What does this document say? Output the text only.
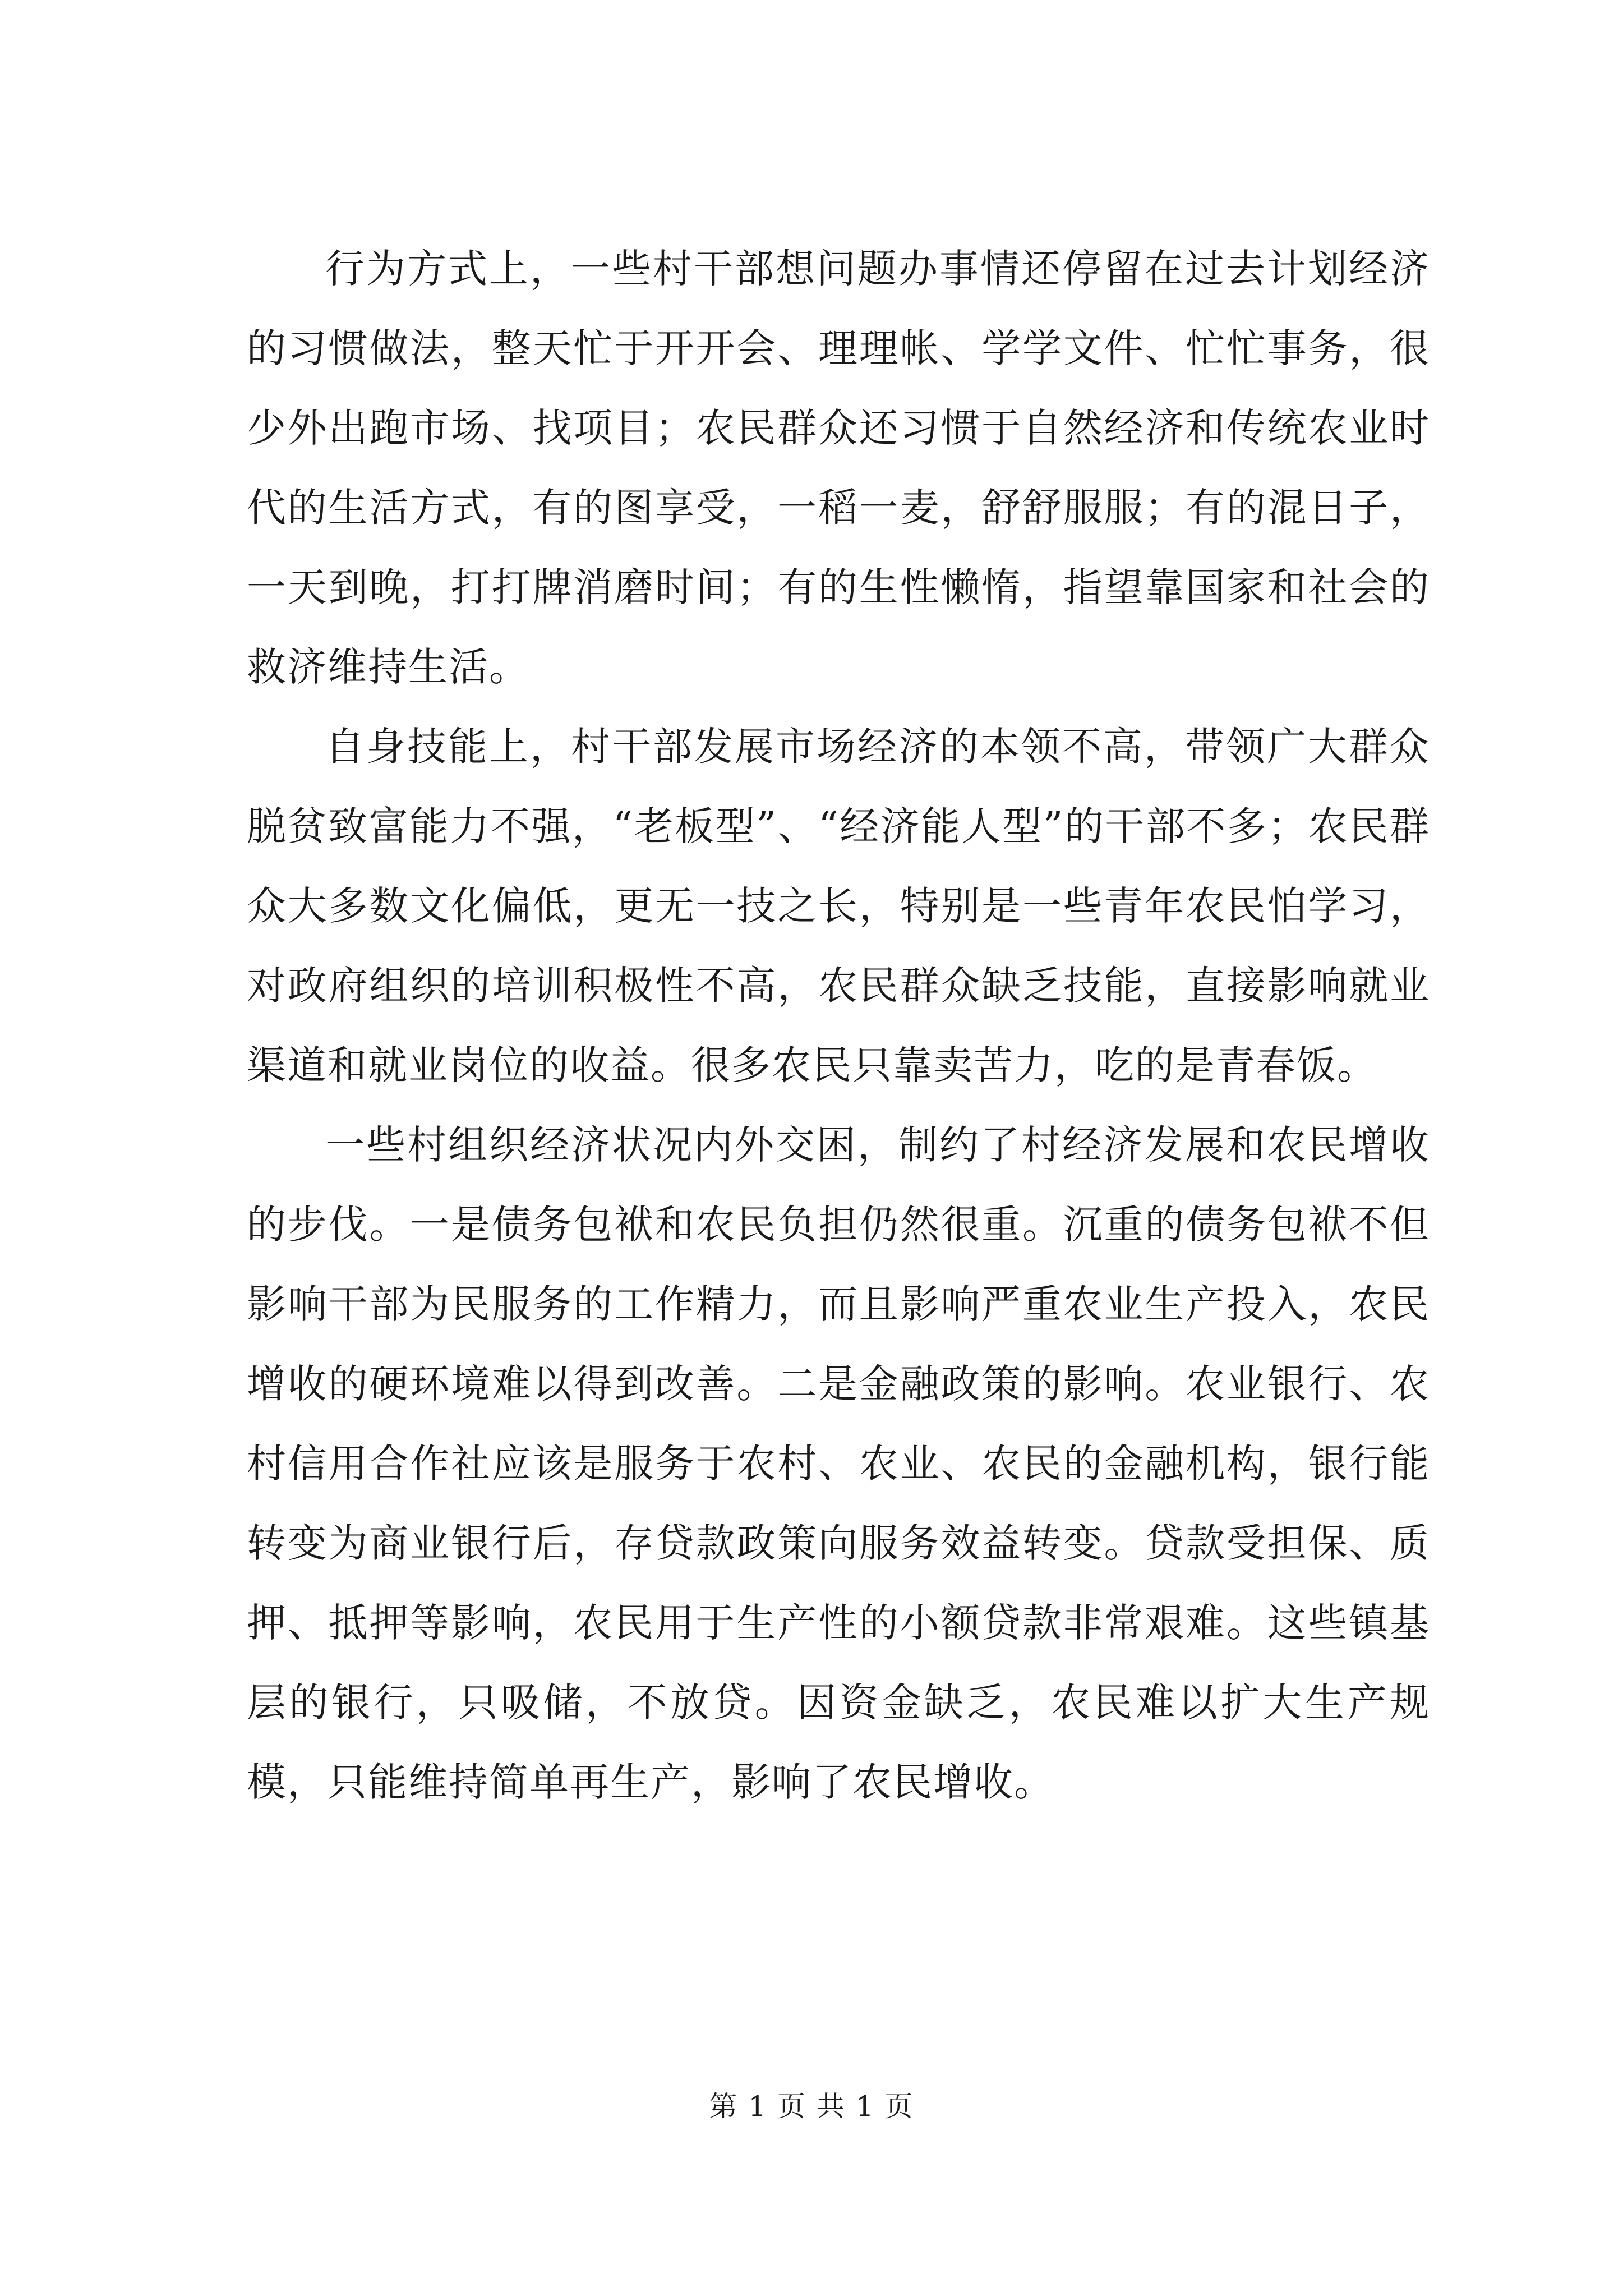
行为方式上，一些村干部想问题办事情还停留在过去计划经济的习惯做法，整天忙于开开会、理理帐、学学文件、忙忙事务，很少外出跑市场、找项目；农民群众还习惯于自然经济和传统农业时代的生活方式，有的图享受，一稻一麦，舒舒服服；有的混日子，一天到晚，打打牌消磨时间；有的生性懒惰，指望靠国家和社会的救济维持生活。

自身技能上，村干部发展市场经济的本领不高，带领广大群众脱贫致富能力不强，“老板型”、“经济能人型”的干部不多；农民群众大多数文化偏低，更无一技之长，特别是一些青年农民怕学习，对政府组织的培训积极性不高，农民群众缺乏技能，直接影响就业渠道和就业岗位的收益。很多农民只靠卖苦力，吃的是青春饭。

一些村组织经济状况内外交困，制约了村经济发展和农民增收的步伐。一是债务包袱和农民负担仍然很重。沉重的债务包袱不但影响干部为民服务的工作精力，而且影响严重农业生产投入，农民增收的硬环境难以得到改善。二是金融政策的影响。农业银行、农村信用合作社应该是服务于农村、农业、农民的金融机构，银行能转变为商业银行后，存贷款政策向服务效益转变。贷款受担保、质押、抵押等影响，农民用于生产性的小额贷款非常艰难。这些镇基层的银行，只吸储，不放贷。因资金缺乏，农民难以扩大生产规模，只能维持简单再生产，影响了农民增收。

第 1 页 共 1 页
